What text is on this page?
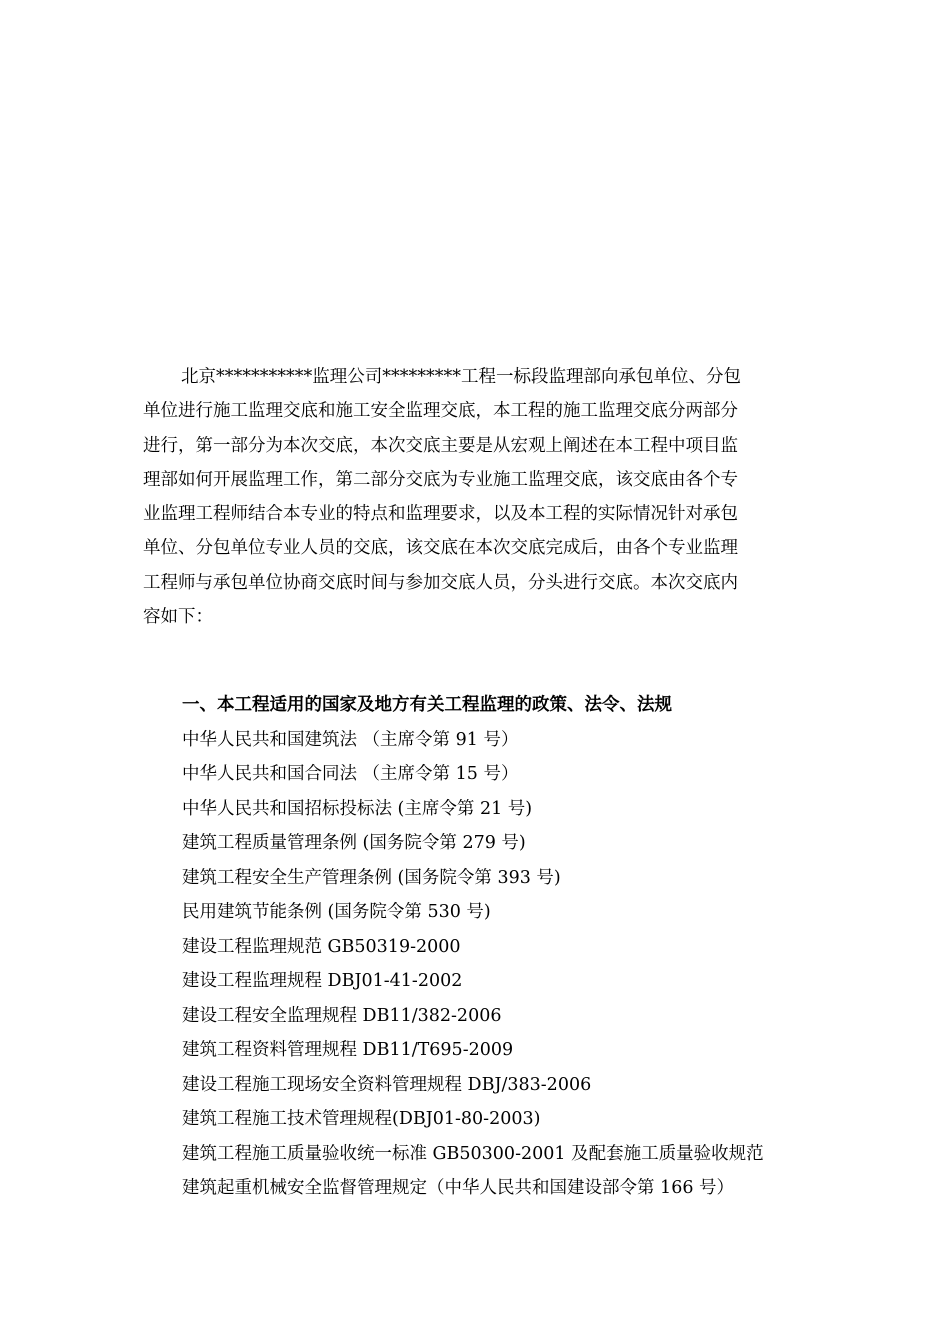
北京***********监理公司*********工程一标段监理部向承包单位、分包
单位进行施工监理交底和施工安全监理交底，本工程的施工监理交底分两部分
进行，第一部分为本次交底，本次交底主要是从宏观上阐述在本工程中项目监
理部如何开展监理工作，第二部分交底为专业施工监理交底，该交底由各个专
业监理工程师结合本专业的特点和监理要求，以及本工程的实际情况针对承包
单位、分包单位专业人员的交底，该交底在本次交底完成后，由各个专业监理
工程师与承包单位协商交底时间与参加交底人员，分头进行交底。本次交底内
容如下：
一、本工程适用的国家及地方有关工程监理的政策、法令、法规
中华人民共和国建筑法 （主席令第 91 号）
中华人民共和国合同法 （主席令第 15 号）
中华人民共和国招标投标法 (主席令第 21 号)
建筑工程质量管理条例 (国务院令第 279 号)
建筑工程安全生产管理条例 (国务院令第 393 号)
民用建筑节能条例 (国务院令第 530 号)
建设工程监理规范 GB50319-2000
建设工程监理规程 DBJ01-41-2002
建设工程安全监理规程 DB11/382-2006
建筑工程资料管理规程 DB11/T695-2009
建设工程施工现场安全资料管理规程 DBJ/383-2006
建筑工程施工技术管理规程(DBJ01-80-2003)
建筑工程施工质量验收统一标准 GB50300-2001 及配套施工质量验收规范
建筑起重机械安全监督管理规定（中华人民共和国建设部令第 166 号）
